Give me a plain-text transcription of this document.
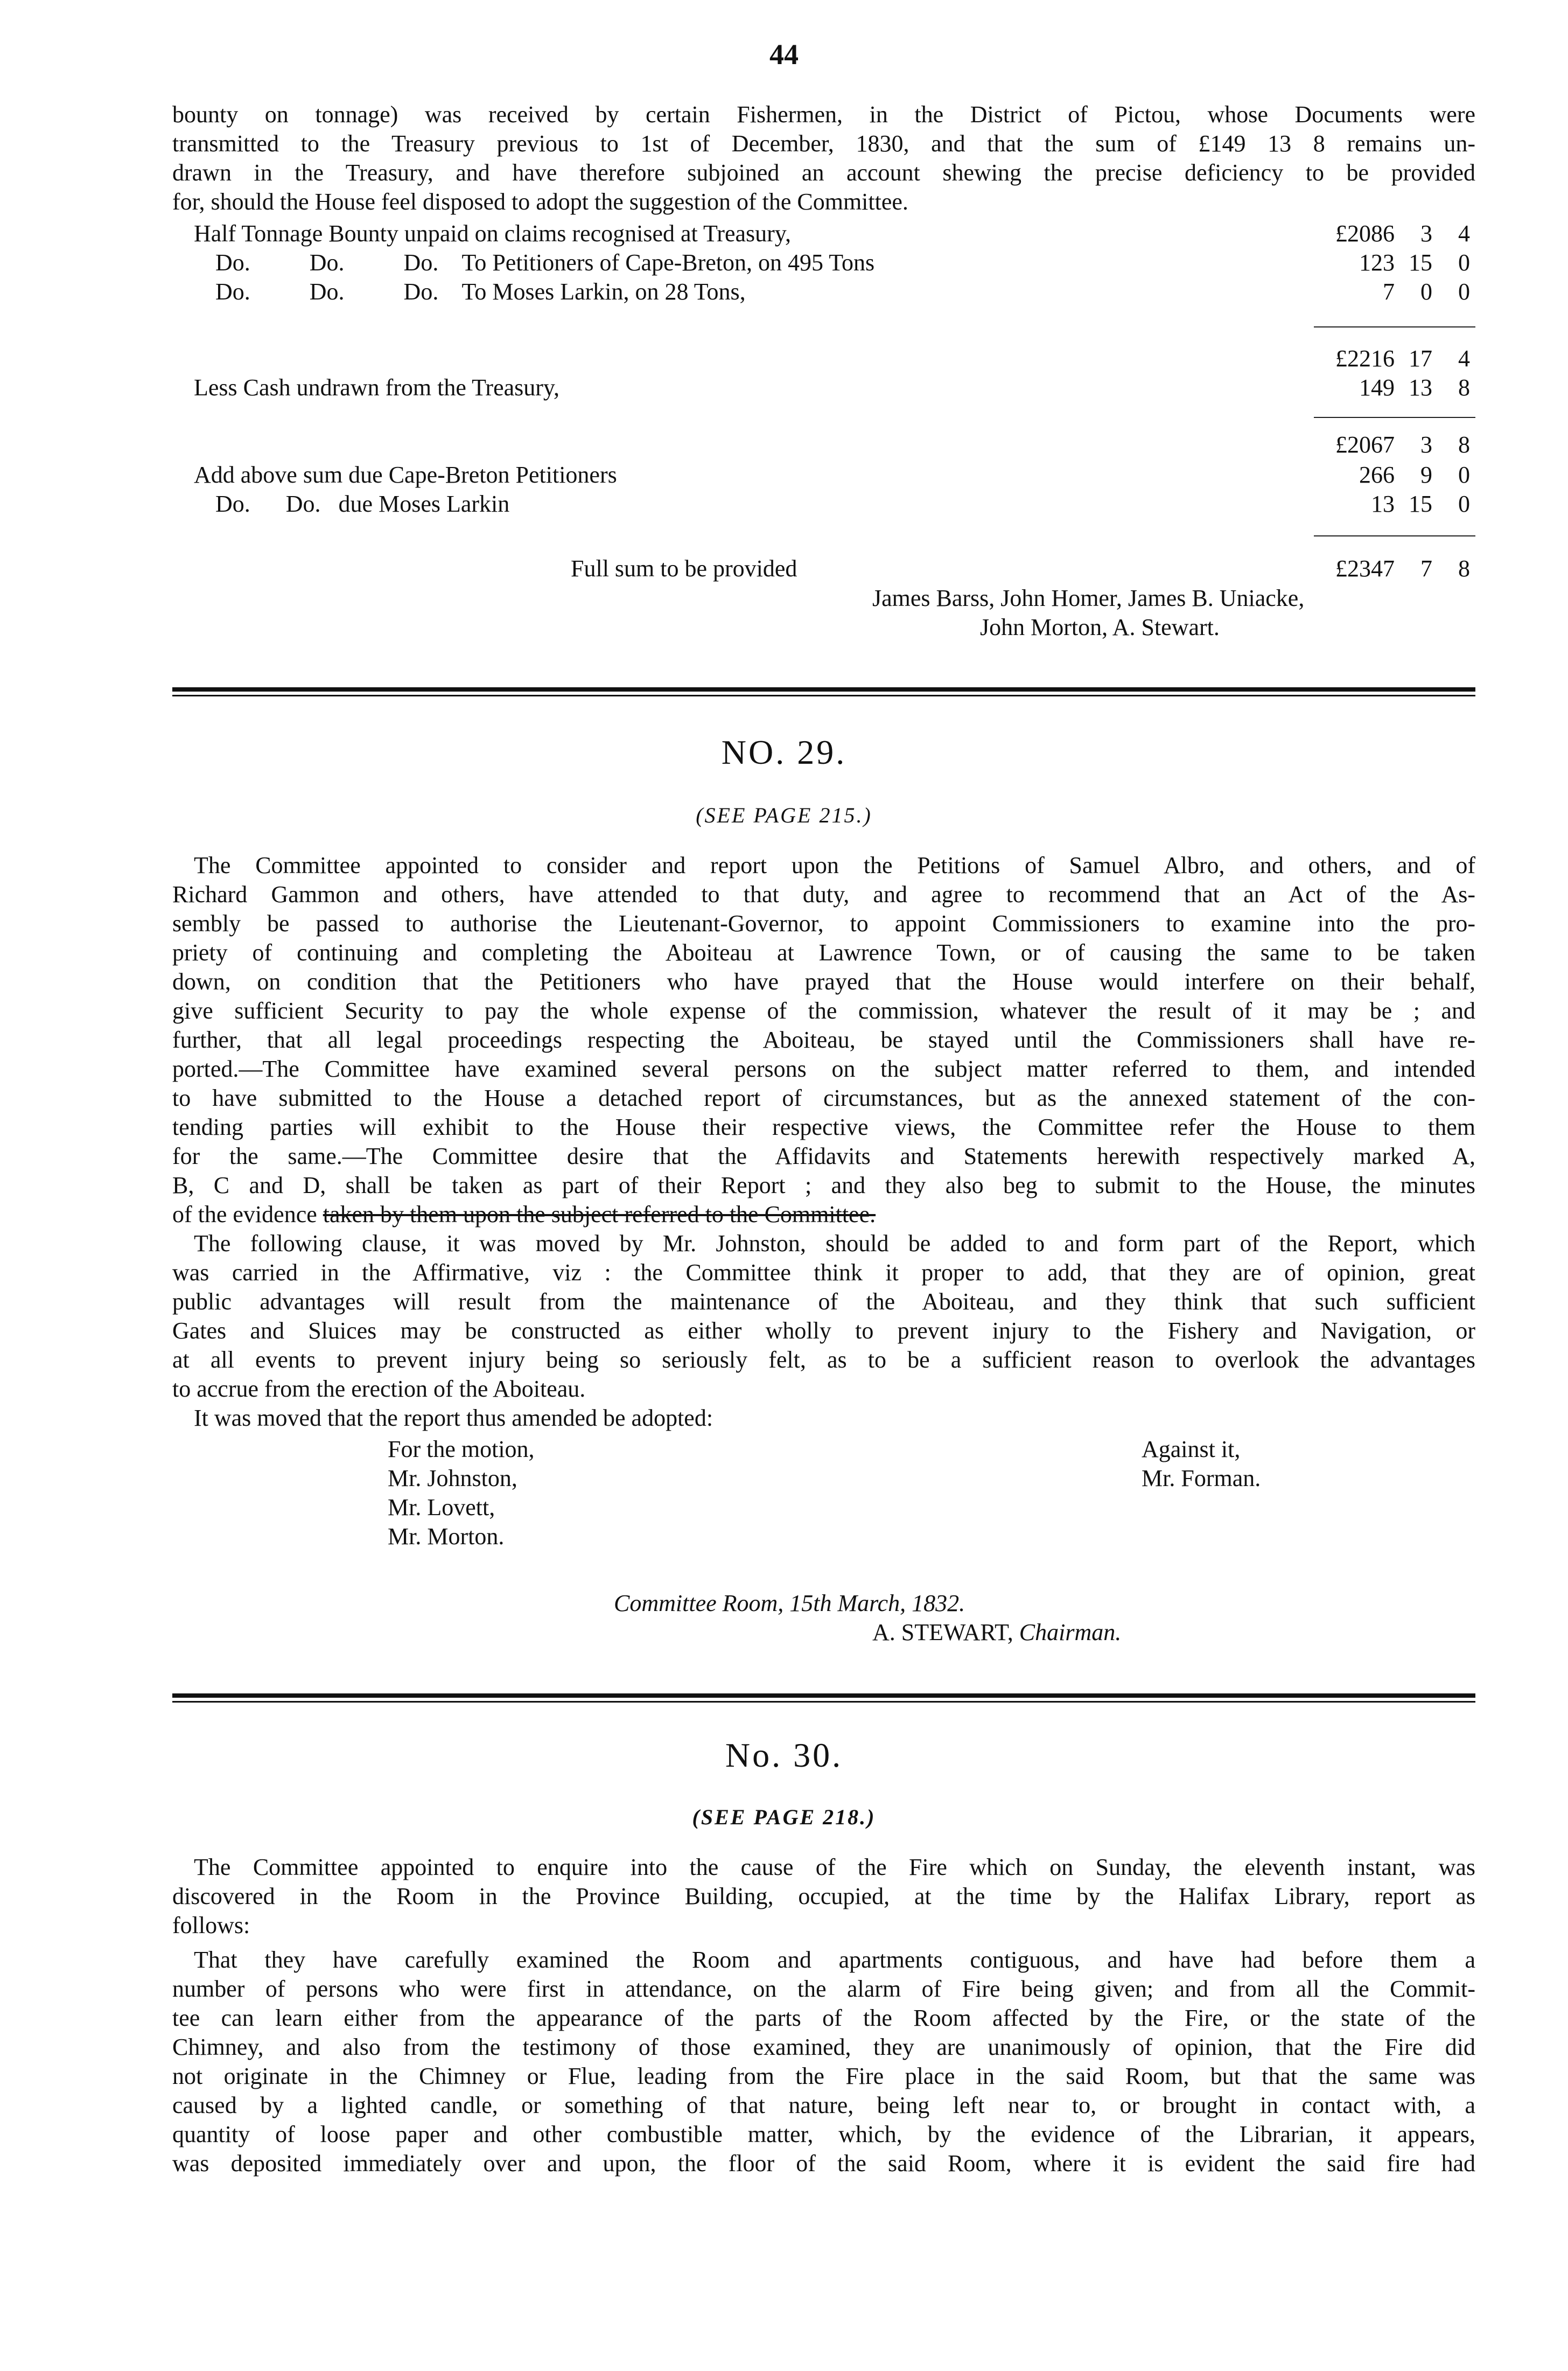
44
bounty on tonnage) was received by certain Fishermen, in the District of Pictou, whose Documents were
transmitted to the Treasury previous to 1st of December, 1830, and that the sum of £149 13 8 remains un-
drawn in the Treasury, and have therefore subjoined an account shewing the precise deficiency to be provided
for, should the House feel disposed to adopt the suggestion of the Committee.
Half Tonnage Bounty unpaid on claims recognised at Treasury,	£2086 3 4
Do.          Do.          Do.    To Petitioners of Cape-Breton, on 495 Tons	123 15 0
Do.          Do.          Do.    To Moses Larkin, on 28 Tons,	7 0 0
£2216 17 4
Less Cash undrawn from the Treasury,	149 13 8
£2067 3 8
Add above sum due Cape-Breton Petitioners	266 9 0
Do.      Do.   due Moses Larkin	13 15 0
Full sum to be provided	£2347 7 8
James Barss, John Homer, James B. Uniacke,
John Morton, A. Stewart.
NO. 29.
(SEE PAGE 215.)
The Committee appointed to consider and report upon the Petitions of Samuel Albro, and others, and of
Richard Gammon and others, have attended to that duty, and agree to recommend that an Act of the As-
sembly be passed to authorise the Lieutenant-Governor, to appoint Commissioners to examine into the pro-
priety of continuing and completing the Aboiteau at Lawrence Town, or of causing the same to be taken
down, on condition that the Petitioners who have prayed that the House would interfere on their behalf,
give sufficient Security to pay the whole expense of the commission, whatever the result of it may be ; and
further, that all legal proceedings respecting the Aboiteau, be stayed until the Commissioners shall have re-
ported.—The Committee have examined several persons on the subject matter referred to them, and intended
to have submitted to the House a detached report of circumstances, but as the annexed statement of the con-
tending parties will exhibit to the House their respective views, the Committee refer the House to them
for the same.—The Committee desire that the Affidavits and Statements herewith respectively marked A,
B, C and D, shall be taken as part of their Report ; and they also beg to submit to the House, the minutes
of the evidence taken by them upon the subject referred to the Committee.
The following clause, it was moved by Mr. Johnston, should be added to and form part of the Report, which
was carried in the Affirmative, viz : the Committee think it proper to add, that they are of opinion, great
public advantages will result from the maintenance of the Aboiteau, and they think that such sufficient
Gates and Sluices may be constructed as either wholly to prevent injury to the Fishery and Navigation, or
at all events to prevent injury being so seriously felt, as to be a sufficient reason to overlook the advantages
to accrue from the erection of the Aboiteau.
It was moved that the report thus amended be adopted:
For the motion,
Mr. Johnston,
Mr. Lovett,
Mr. Morton.
Against it,
Mr. Forman.
Committee Room, 15th March, 1832.
A. STEWART, Chairman.
No. 30.
(SEE PAGE 218.)
The Committee appointed to enquire into the cause of the Fire which on Sunday, the eleventh instant, was
discovered in the Room in the Province Building, occupied, at the time by the Halifax Library, report as
follows:
That they have carefully examined the Room and apartments contiguous, and have had before them a
number of persons who were first in attendance, on the alarm of Fire being given; and from all the Commit-
tee can learn either from the appearance of the parts of the Room affected by the Fire, or the state of the
Chimney, and also from the testimony of those examined, they are unanimously of opinion, that the Fire did
not originate in the Chimney or Flue, leading from the Fire place in the said Room, but that the same was
caused by a lighted candle, or something of that nature, being left near to, or brought in contact with, a
quantity of loose paper and other combustible matter, which, by the evidence of the Librarian, it appears,
was deposited immediately over and upon, the floor of the said Room, where it is evident the said fire had
